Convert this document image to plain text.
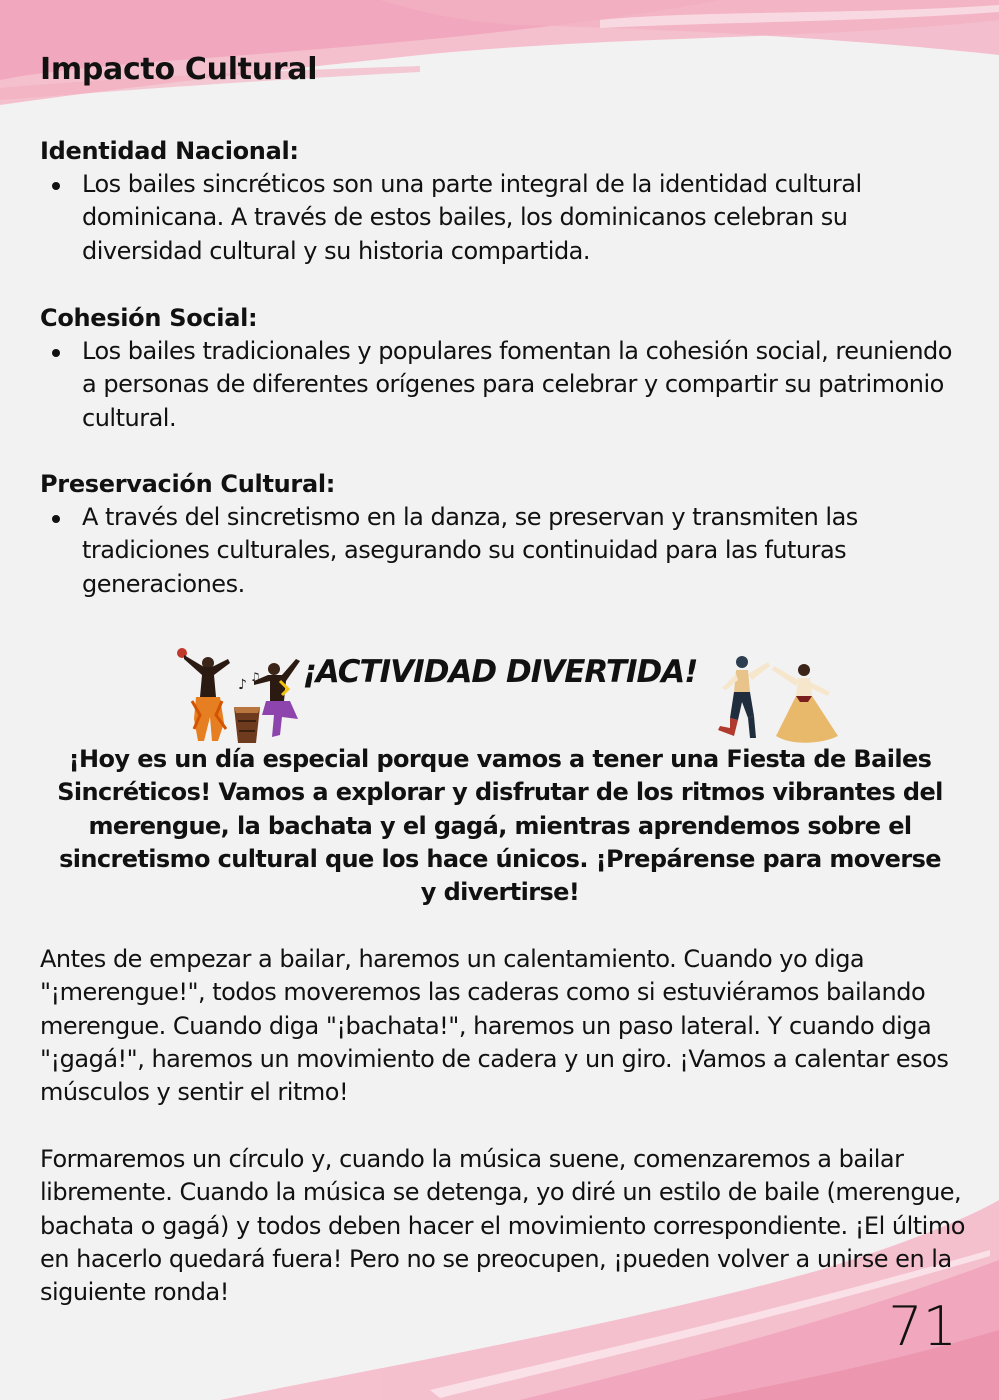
Impacto Cultural
Identidad Nacional:
Los bailes sincréticos son una parte integral de la identidad cultural dominicana. A través de estos bailes, los dominicanos celebran su diversidad cultural y su historia compartida.
Cohesión Social:
Los bailes tradicionales y populares fomentan la cohesión social, reuniendo a personas de diferentes orígenes para celebrar y compartir su patrimonio cultural.
Preservación Cultural:
A través del sincretismo en la danza, se preservan y transmiten las tradiciones culturales, asegurando su continuidad para las futuras generaciones.
♪ ♫ ¡ACTIVIDAD DIVERTIDA!
¡Hoy es un día especial porque vamos a tener una Fiesta de Bailes Sincréticos! Vamos a explorar y disfrutar de los ritmos vibrantes del merengue, la bachata y el gagá, mientras aprendemos sobre el sincretismo cultural que los hace únicos. ¡Prepárense para moverse y divertirse!
Antes de empezar a bailar, haremos un calentamiento. Cuando yo diga "¡merengue!", todos moveremos las caderas como si estuviéramos bailando merengue. Cuando diga "¡bachata!", haremos un paso lateral. Y cuando diga "¡gagá!", haremos un movimiento de cadera y un giro. ¡Vamos a calentar esos músculos y sentir el ritmo!
Formaremos un círculo y, cuando la música suene, comenzaremos a bailar libremente. Cuando la música se detenga, yo diré un estilo de baile (merengue, bachata o gagá) y todos deben hacer el movimiento correspondiente. ¡El último en hacerlo quedará fuera! Pero no se preocupen, ¡pueden volver a unirse en la siguiente ronda!
71
